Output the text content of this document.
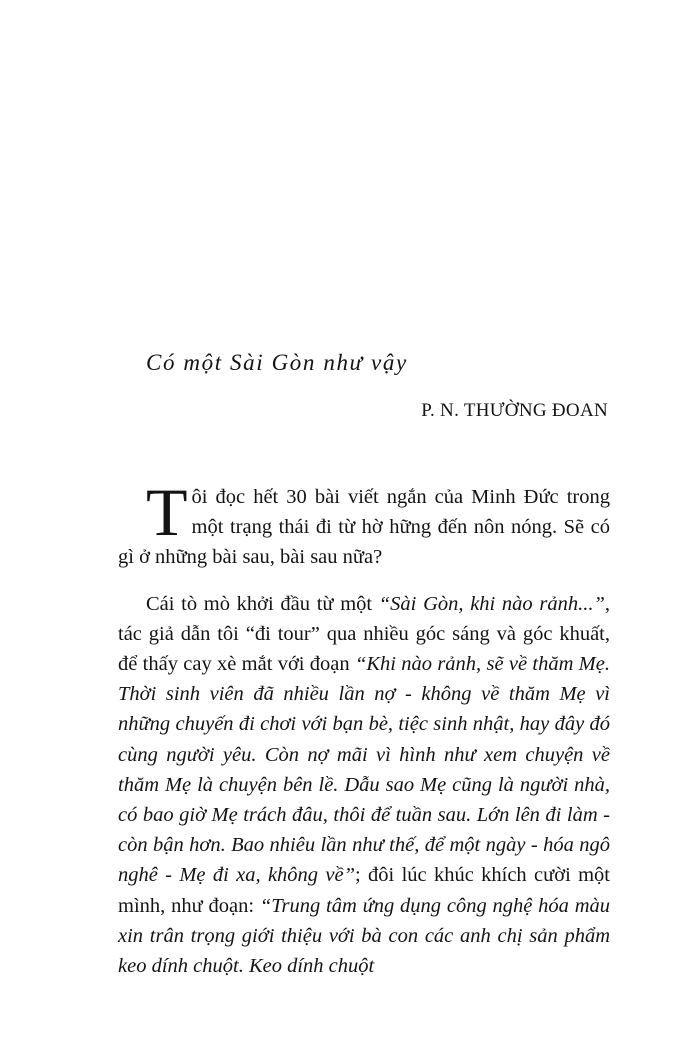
Có một Sài Gòn như vậy

P. N. THƯỜNG ĐOAN

Tôi đọc hết 30 bài viết ngắn của Minh Đức trong một trạng thái đi từ hờ hững đến nôn nóng. Sẽ có gì ở những bài sau, bài sau nữa?

Cái tò mò khởi đầu từ một “Sài Gòn, khi nào rảnh...”, tác giả dẫn tôi “đi tour” qua nhiều góc sáng và góc khuất, để thấy cay xè mắt với đoạn “Khi nào rảnh, sẽ về thăm Mẹ. Thời sinh viên đã nhiều lần nợ - không về thăm Mẹ vì những chuyến đi chơi với bạn bè, tiệc sinh nhật, hay đây đó cùng người yêu. Còn nợ mãi vì hình như xem chuyện về thăm Mẹ là chuyện bên lề. Dẫu sao Mẹ cũng là người nhà, có bao giờ Mẹ trách đâu, thôi để tuần sau. Lớn lên đi làm - còn bận hơn. Bao nhiêu lần như thế, để một ngày - hóa ngô nghê - Mẹ đi xa, không về”; đôi lúc khúc khích cười một mình, như đoạn: “Trung tâm ứng dụng công nghệ hóa màu xin trân trọng giới thiệu với bà con các anh chị sản phẩm keo dính chuột. Keo dính chuột
